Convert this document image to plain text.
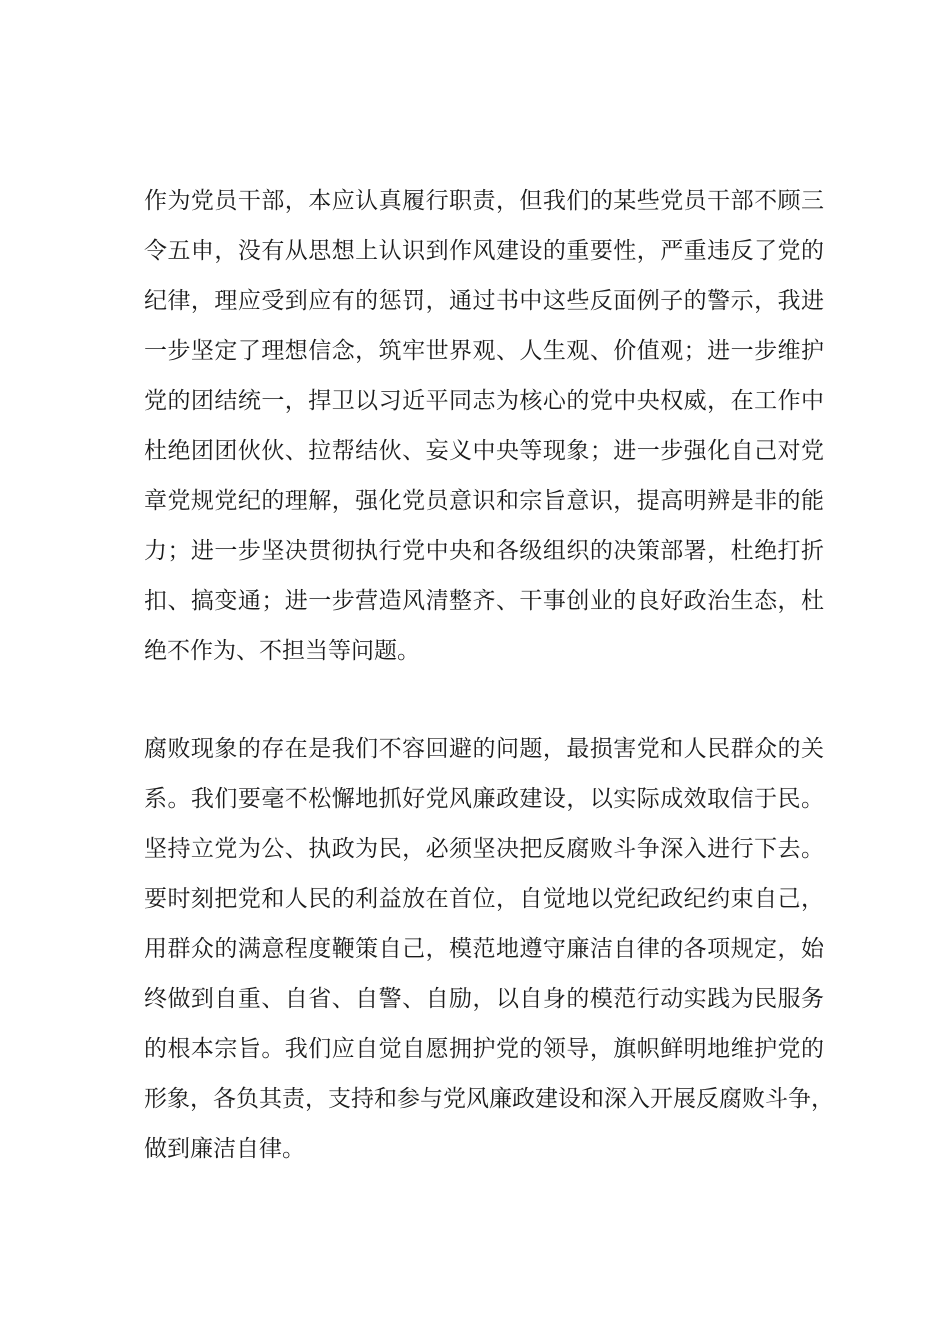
作为党员干部，本应认真履行职责，但我们的某些党员干部不顾三
令五申，没有从思想上认识到作风建设的重要性，严重违反了党的
纪律，理应受到应有的惩罚，通过书中这些反面例子的警示，我进
一步坚定了理想信念，筑牢世界观、人生观、价值观；进一步维护
党的团结统一，捍卫以习近平同志为核心的党中央权威，在工作中
杜绝团团伙伙、拉帮结伙、妄义中央等现象；进一步强化自己对党
章党规党纪的理解，强化党员意识和宗旨意识，提高明辨是非的能
力；进一步坚决贯彻执行党中央和各级组织的决策部署，杜绝打折
扣、搞变通；进一步营造风清整齐、干事创业的良好政治生态，杜
绝不作为、不担当等问题。
腐败现象的存在是我们不容回避的问题，最损害党和人民群众的关
系。我们要毫不松懈地抓好党风廉政建设，以实际成效取信于民。
坚持立党为公、执政为民，必须坚决把反腐败斗争深入进行下去。
要时刻把党和人民的利益放在首位，自觉地以党纪政纪约束自己，
用群众的满意程度鞭策自己，模范地遵守廉洁自律的各项规定，始
终做到自重、自省、自警、自励，以自身的模范行动实践为民服务
的根本宗旨。我们应自觉自愿拥护党的领导，旗帜鲜明地维护党的
形象，各负其责，支持和参与党风廉政建设和深入开展反腐败斗争，
做到廉洁自律。
